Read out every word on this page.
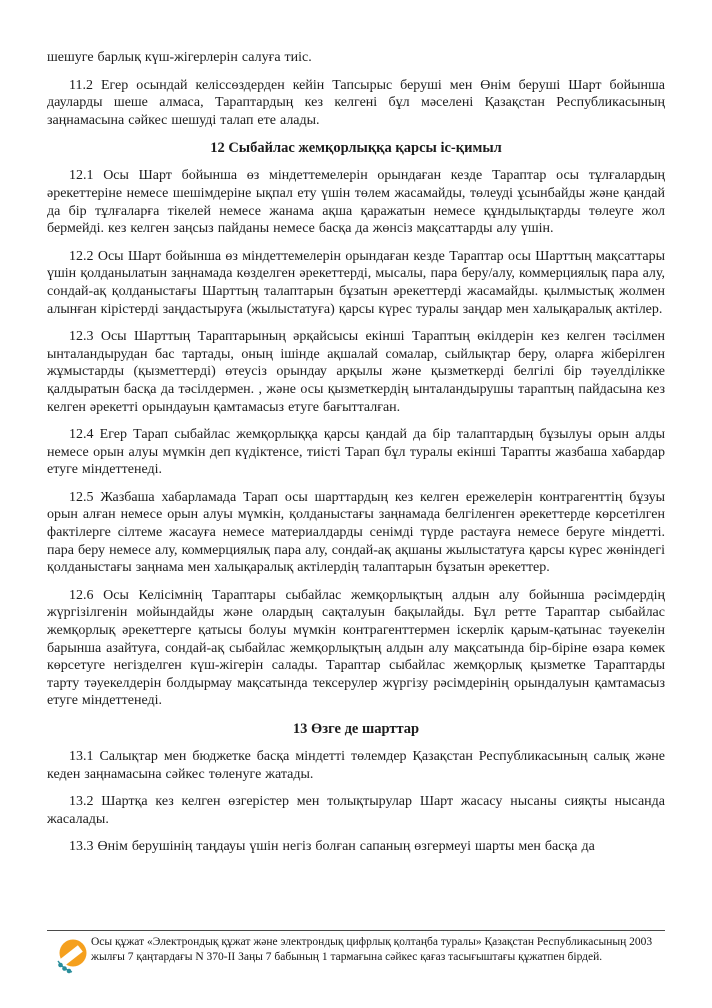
шешуге барлық күш-жігерлерін салуға тиіс.

11.2 Егер осындай келіссөздерден кейін Тапсырыс беруші мен Өнім беруші Шарт бойынша дауларды шеше алмаса, Тараптардың кез келгені бұл мәселені Қазақстан Республикасының заңнамасына сәйкес шешуді талап ете алады.

12 Сыбайлас жемқорлыққа қарсы іс-қимыл

12.1 Осы Шарт бойынша өз міндеттемелерін орындаған кезде Тараптар осы тұлғалардың әрекеттеріне немесе шешімдеріне ықпал ету үшін төлем жасамайды, төлеуді ұсынбайды және қандай да бір тұлғаларға тікелей немесе жанама ақша қаражатын немесе құндылықтарды төлеуге жол бермейді. кез келген заңсыз пайданы немесе басқа да жөнсіз мақсаттарды алу үшін.

12.2 Осы Шарт бойынша өз міндеттемелерін орындаған кезде Тараптар осы Шарттың мақсаттары үшін қолданылатын заңнамада көзделген әрекеттерді, мысалы, пара беру/алу, коммерциялық пара алу, сондай-ақ қолданыстағы Шарттың талаптарын бұзатын әрекеттерді жасамайды. қылмыстық жолмен алынған кірістерді заңдастыруға (жылыстатуға) қарсы күрес туралы заңдар мен халықаралық актілер.

12.3 Осы Шарттың Тараптарының әрқайсысы екінші Тараптың өкілдерін кез келген тәсілмен ынталандырудан бас тартады, оның ішінде ақшалай сомалар, сыйлықтар беру, оларға жіберілген жұмыстарды (қызметтерді) өтеусіз орындау арқылы және қызметкерді белгілі бір тәуелділікке қалдыратын басқа да тәсілдермен. , және осы қызметкердің ынталандырушы тараптың пайдасына кез келген әрекетті орындауын қамтамасыз етуге бағытталған.

12.4 Егер Тарап сыбайлас жемқорлыққа қарсы қандай да бір талаптардың бұзылуы орын алды немесе орын алуы мүмкін деп күдіктенсе, тиісті Тарап бұл туралы екінші Тарапты жазбаша хабардар етуге міндеттенеді.

12.5 Жазбаша хабарламада Тарап осы шарттардың кез келген ережелерін контрагенттің бұзуы орын алған немесе орын алуы мүмкін, қолданыстағы заңнамада белгіленген әрекеттерде көрсетілген фактілерге сілтеме жасауға немесе материалдарды сенімді түрде растауға немесе беруге міндетті. пара беру немесе алу, коммерциялық пара алу, сондай-ақ ақшаны жылыстатуға қарсы күрес жөніндегі қолданыстағы заңнама мен халықаралық актілердің талаптарын бұзатын әрекеттер.

12.6 Осы Келісімнің Тараптары сыбайлас жемқорлықтың алдын алу бойынша рәсімдердің жүргізілгенін мойындайды және олардың сақталуын бақылайды. Бұл ретте Тараптар сыбайлас жемқорлық әрекеттерге қатысы болуы мүмкін контрагенттермен іскерлік қарым-қатынас тәуекелін барынша азайтуға, сондай-ақ сыбайлас жемқорлықтың алдын алу мақсатында бір-біріне өзара көмек көрсетуге негізделген күш-жігерін салады. Тараптар сыбайлас жемқорлық қызметке Тараптарды тарту тәуекелдерін болдырмау мақсатында тексерулер жүргізу рәсімдерінің орындалуын қамтамасыз етуге міндеттенеді.

13 Өзге де шарттар

13.1 Салықтар мен бюджетке басқа міндетті төлемдер Қазақстан Республикасының салық және кеден заңнамасына сәйкес төленуге жатады.

13.2 Шартқа кез келген өзгерістер мен толықтырулар Шарт жасасу нысаны сияқты нысанда жасалады.

13.3 Өнім берушінің таңдауы үшін негіз болған сапаның өзгермеуі шарты мен басқа да

Осы құжат «Электрондық құжат және электрондық цифрлық қолтаңба туралы» Қазақстан Республикасының 2003 жылғы 7 қаңтардағы N 370-II Заңы 7 бабының 1 тармағына сәйкес қағаз тасығыштағы құжатпен бірдей.
